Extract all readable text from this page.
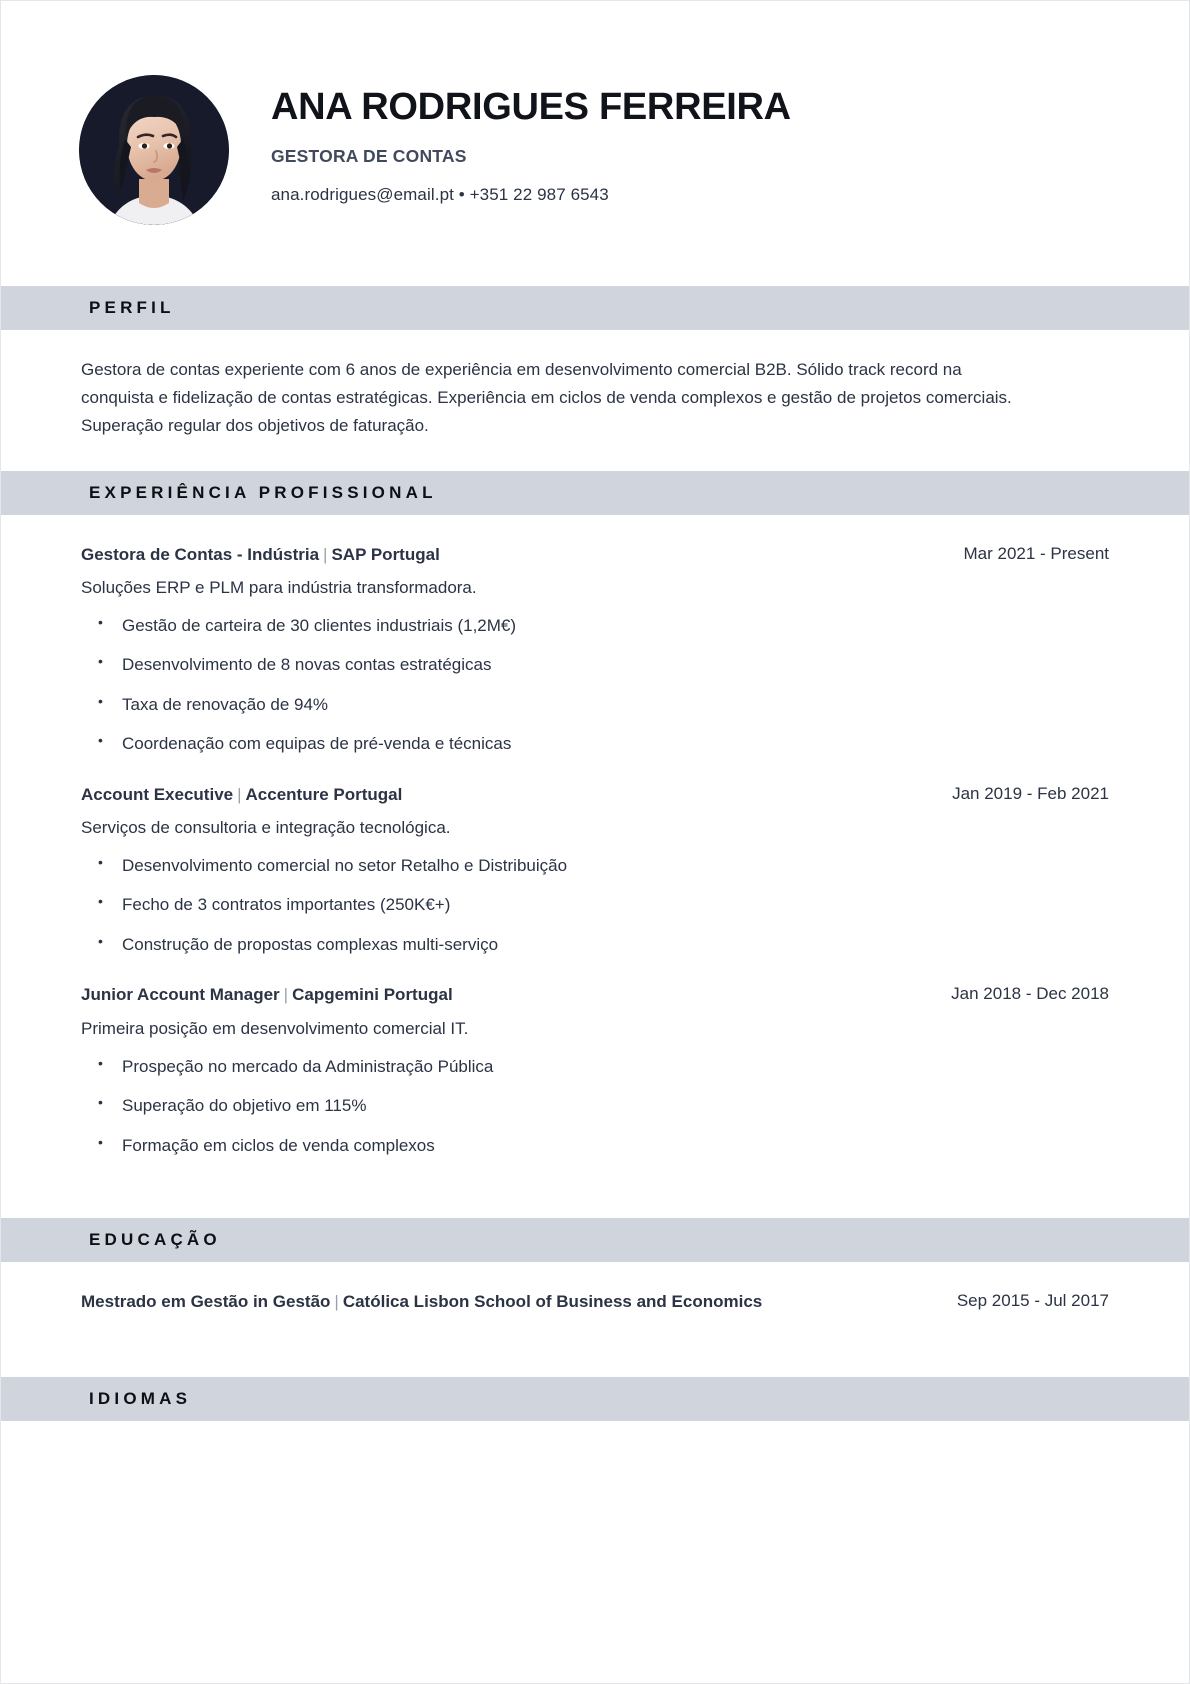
ANA RODRIGUES FERREIRA
GESTORA DE CONTAS
ana.rodrigues@email.pt • +351 22 987 6543
PERFIL

Gestora de contas experiente com 6 anos de experiência em desenvolvimento comercial B2B. Sólido track record na conquista e fidelização de contas estratégicas. Experiência em ciclos de venda complexos e gestão de projetos comerciais. Superação regular dos objetivos de faturação.

EXPERIÊNCIA PROFISSIONAL
Gestora de Contas - Indústria | SAP Portugal	Mar 2021 - Present
Soluções ERP e PLM para indústria transformadora.
• Gestão de carteira de 30 clientes industriais (1,2M€)
• Desenvolvimento de 8 novas contas estratégicas
• Taxa de renovação de 94%
• Coordenação com equipas de pré-venda e técnicas
Account Executive | Accenture Portugal	Jan 2019 - Feb 2021
Serviços de consultoria e integração tecnológica.
• Desenvolvimento comercial no setor Retalho e Distribuição
• Fecho de 3 contratos importantes (250K€+)
• Construção de propostas complexas multi-serviço
Junior Account Manager | Capgemini Portugal	Jan 2018 - Dec 2018
Primeira posição em desenvolvimento comercial IT.
• Prospeção no mercado da Administração Pública
• Superação do objetivo em 115%
• Formação em ciclos de venda complexos
EDUCAÇÃO
Mestrado em Gestão in Gestão | Católica Lisbon School of Business and Economics	Sep 2015 - Jul 2017
IDIOMAS
